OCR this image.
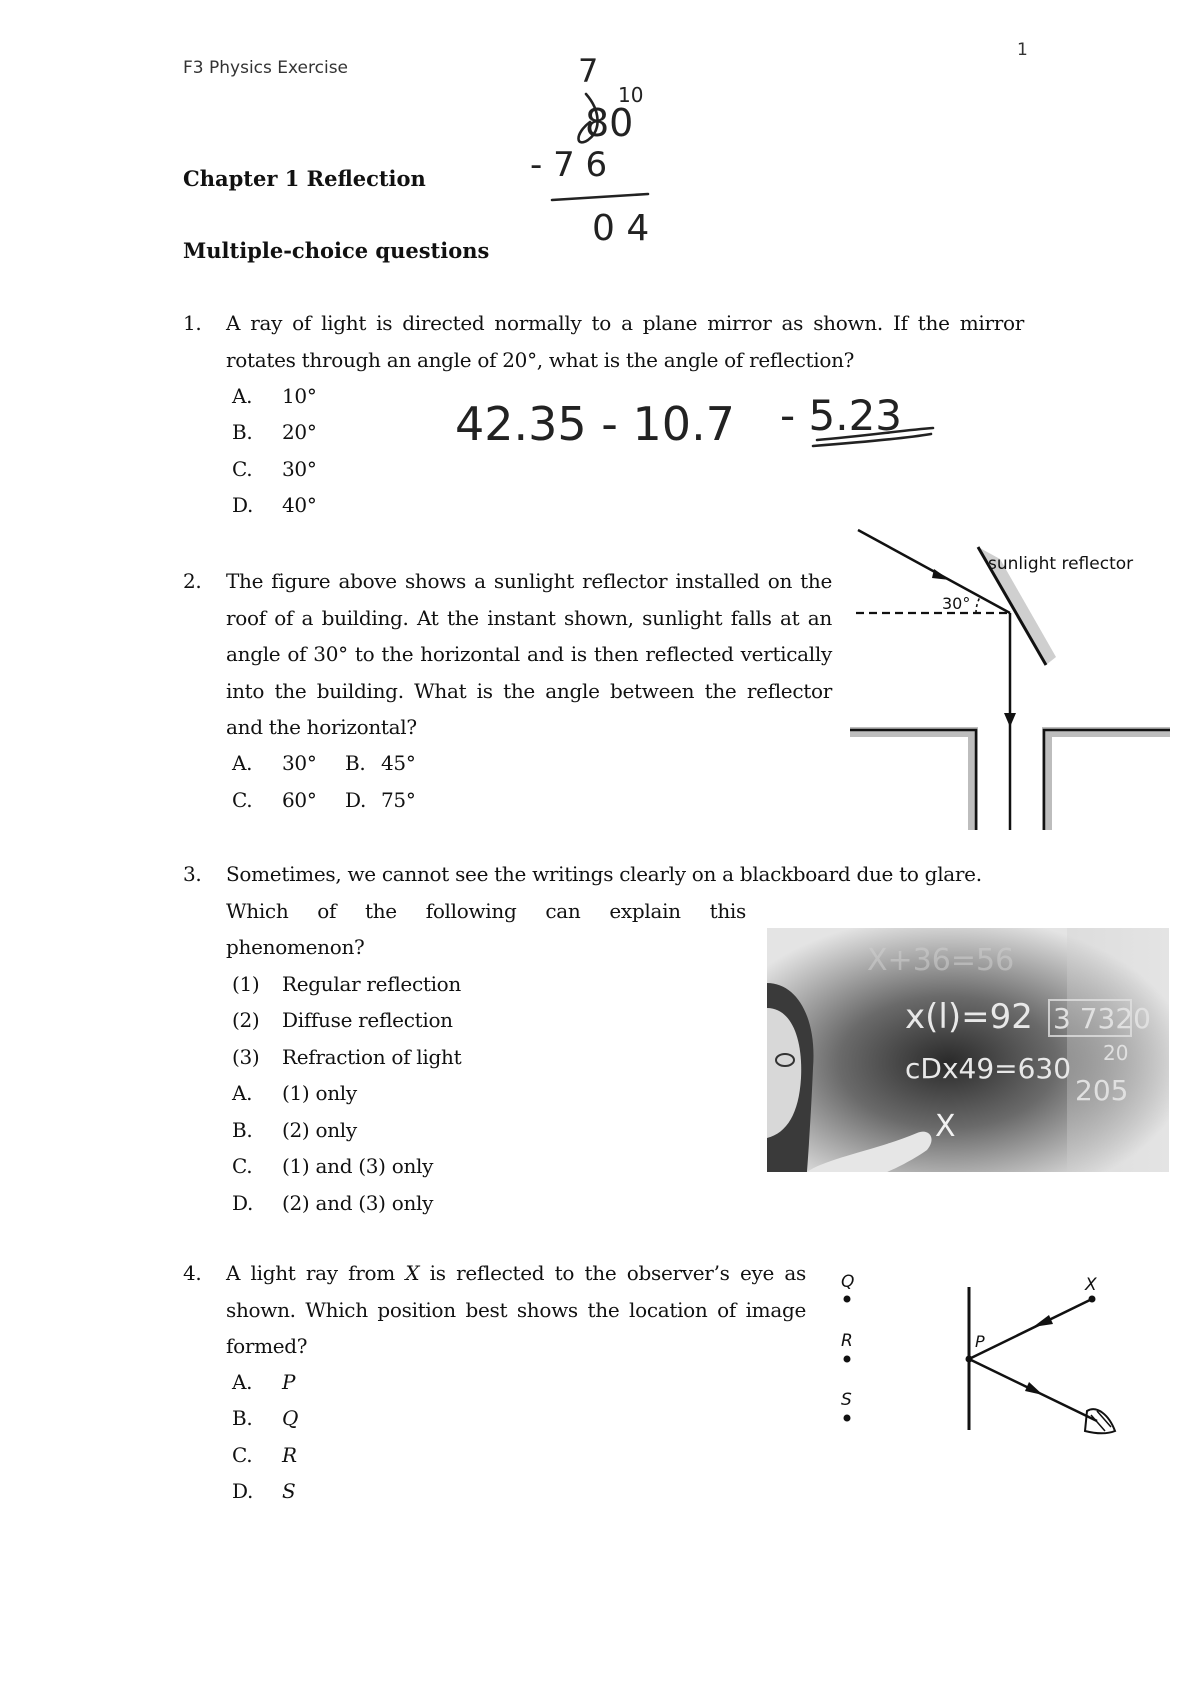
F3 Physics Exercise
1
7
80
10
- 7 6
0 4
Chapter 1 Reflection
Multiple-choice questions
1. A ray of light is directed normally to a plane mirror as shown. If the mirror rotates through an angle of 20°, what is the angle of reflection?
A. 10°
B. 20°
C. 30°
D. 40°
42.35 - 10.7 - 5.23
2. The figure above shows a sunlight reflector installed on the roof of a building. At the instant shown, sunlight falls at an angle of 30° to the horizontal and is then reflected vertically into the building. What is the angle between the reflector and the horizontal?
A. 30° B. 45°
C. 60° D. 75°
30°
sunlight reflector
3. Sometimes, we cannot see the writings clearly on a blackboard due to glare.
Which of the following can explain this
phenomenon?
(1) Regular reflection
(2) Diffuse reflection
(3) Refraction of light
A. (1) only
B. (2) only
C. (1) and (3) only
D. (2) and (3) only
X+36=56
x(l)=92
cDx49=630
3 7320
20
205
X
4. A light ray from X is reflected to the observer’s eye as shown. Which position best shows the location of image formed?
A. P
B. Q
C. R
D. S
Q
R
S
P
X
